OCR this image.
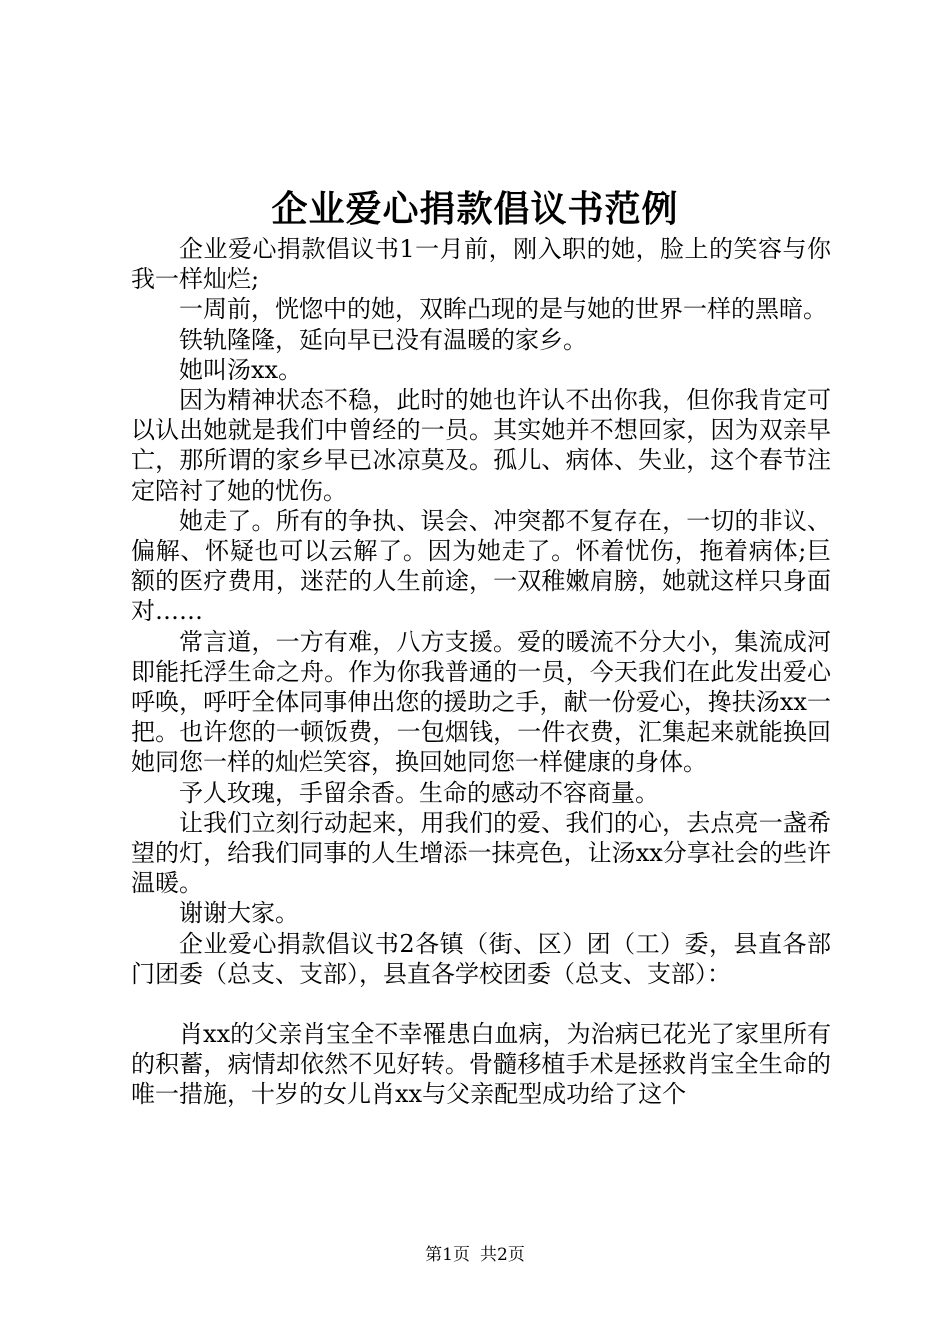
企业爱心捐款倡议书范例

企业爱心捐款倡议书1一月前，刚入职的她，脸上的笑容与你我一样灿烂;

一周前，恍惚中的她，双眸凸现的是与她的世界一样的黑暗。

铁轨隆隆，延向早已没有温暖的家乡。

她叫汤xx。

因为精神状态不稳，此时的她也许认不出你我，但你我肯定可以认出她就是我们中曾经的一员。其实她并不想回家，因为双亲早亡，那所谓的家乡早已冰凉莫及。孤儿、病体、失业，这个春节注定陪衬了她的忧伤。

她走了。所有的争执、误会、冲突都不复存在，一切的非议、偏解、怀疑也可以云解了。因为她走了。怀着忧伤，拖着病体;巨额的医疗费用，迷茫的人生前途，一双稚嫩肩膀，她就这样只身面对……

常言道，一方有难，八方支援。爱的暖流不分大小，集流成河即能托浮生命之舟。作为你我普通的一员，今天我们在此发出爱心呼唤，呼吁全体同事伸出您的援助之手，献一份爱心，搀扶汤xx一把。也许您的一顿饭费，一包烟钱，一件衣费，汇集起来就能换回她同您一样的灿烂笑容，换回她同您一样健康的身体。

予人玫瑰，手留余香。生命的感动不容商量。

让我们立刻行动起来，用我们的爱、我们的心，去点亮一盏希望的灯，给我们同事的人生增添一抹亮色，让汤xx分享社会的些许温暖。

谢谢大家。

企业爱心捐款倡议书2各镇（街、区）团（工）委，县直各部门团委（总支、支部），县直各学校团委（总支、支部）：

肖xx的父亲肖宝全不幸罹患白血病，为治病已花光了家里所有的积蓄，病情却依然不见好转。骨髓移植手术是拯救肖宝全生命的唯一措施，十岁的女儿肖xx与父亲配型成功给了这个

第1页 共2页
